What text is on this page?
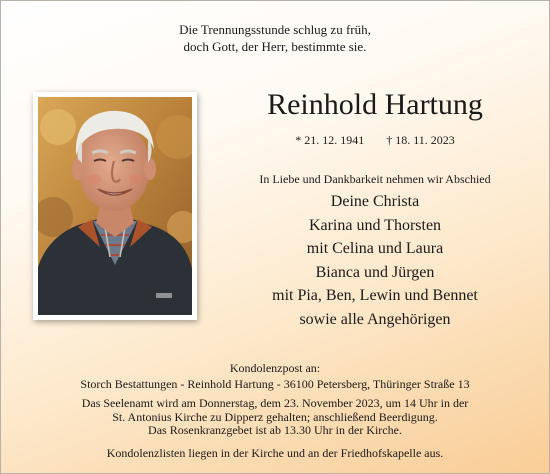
Die Trennungsstunde schlug zu früh,
doch Gott, der Herr, bestimmte sie.
Reinhold Hartung
* 21. 12. 1941 † 18. 11. 2023
In Liebe und Dankbarkeit nehmen wir Abschied
Deine Christa
Karina und Thorsten
mit Celina und Laura
Bianca und Jürgen
mit Pia, Ben, Lewin und Bennet
sowie alle Angehörigen
Kondolenzpost an:
Storch Bestattungen - Reinhold Hartung - 36100 Petersberg, Thüringer Straße 13
Das Seelenamt wird am Donnerstag, dem 23. November 2023, um 14 Uhr in der
St. Antonius Kirche zu Dipperz gehalten; anschließend Beerdigung.
Das Rosenkranzgebet ist ab 13.30 Uhr in der Kirche.
Kondolenzlisten liegen in der Kirche und an der Friedhofskapelle aus.
